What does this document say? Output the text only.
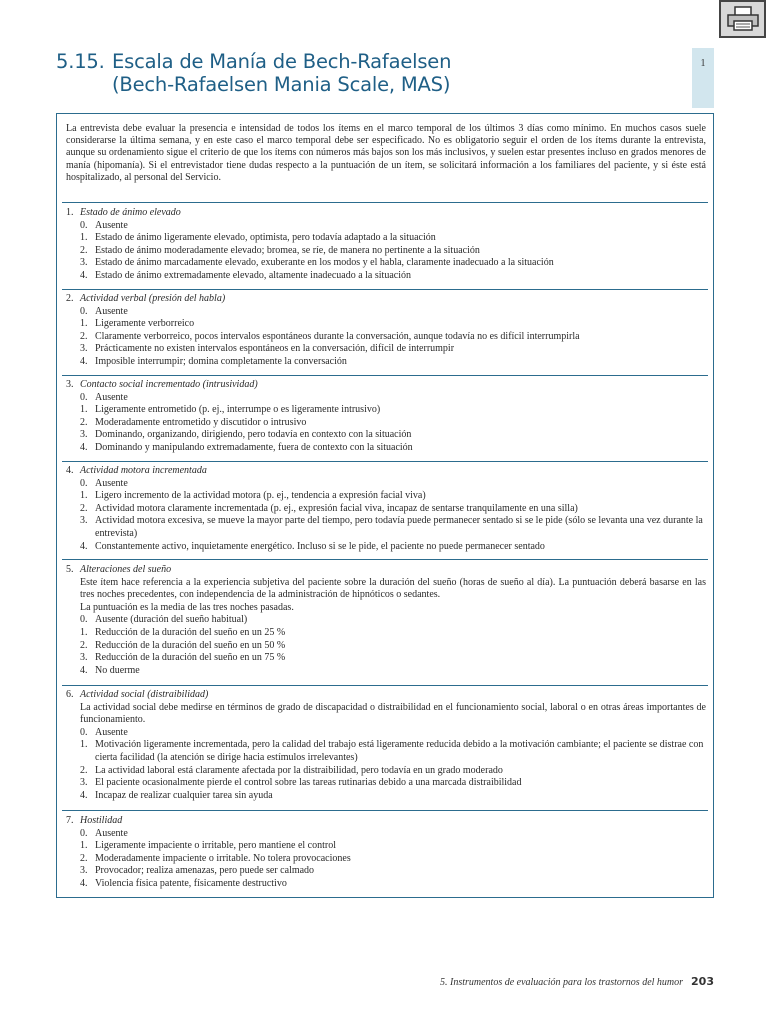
5.15. Escala de Manía de Bech-Rafaelsen
(Bech-Rafaelsen Mania Scale, MAS)
1

La entrevista debe evaluar la presencia e intensidad de todos los ítems en el marco temporal de los últimos 3 días como mínimo. En muchos casos suele considerarse la última semana, y en este caso el marco temporal debe ser especificado. No es obligatorio seguir el orden de los ítems durante la entrevista, aunque su ordenamiento sigue el criterio de que los ítems con números más bajos son los más inclusivos, y suelen estar presentes incluso en grados menores de manía (hipomanía). Si el entrevistador tiene dudas respecto a la puntuación de un ítem, se solicitará información a los familiares del paciente, y si éste está hospitalizado, al personal del Servicio.

1. Estado de ánimo elevado
0. Ausente
1. Estado de ánimo ligeramente elevado, optimista, pero todavía adaptado a la situación
2. Estado de ánimo moderadamente elevado; bromea, se ríe, de manera no pertinente a la situación
3. Estado de ánimo marcadamente elevado, exuberante en los modos y el habla, claramente inadecuado a la situación
4. Estado de ánimo extremadamente elevado, altamente inadecuado a la situación
2. Actividad verbal (presión del habla)
0. Ausente
1. Ligeramente verborreico
2. Claramente verborreico, pocos intervalos espontáneos durante la conversación, aunque todavía no es difícil interrumpirla
3. Prácticamente no existen intervalos espontáneos en la conversación, difícil de interrumpir
4. Imposible interrumpir; domina completamente la conversación
3. Contacto social incrementado (intrusividad)
0. Ausente
1. Ligeramente entrometido (p. ej., interrumpe o es ligeramente intrusivo)
2. Moderadamente entrometido y discutidor o intrusivo
3. Dominando, organizando, dirigiendo, pero todavía en contexto con la situación
4. Dominando y manipulando extremadamente, fuera de contexto con la situación
4. Actividad motora incrementada
0. Ausente
1. Ligero incremento de la actividad motora (p. ej., tendencia a expresión facial viva)
2. Actividad motora claramente incrementada (p. ej., expresión facial viva, incapaz de sentarse tranquilamente en una silla)
3. Actividad motora excesiva, se mueve la mayor parte del tiempo, pero todavía puede permanecer sentado si se le pide (sólo se levanta una vez durante la entrevista)
4. Constantemente activo, inquietamente energético. Incluso si se le pide, el paciente no puede permanecer sentado
5. Alteraciones del sueño
Este ítem hace referencia a la experiencia subjetiva del paciente sobre la duración del sueño (horas de sueño al día). La puntuación deberá basarse en las tres noches precedentes, con independencia de la administración de hipnóticos o sedantes.
La puntuación es la media de las tres noches pasadas.
0. Ausente (duración del sueño habitual)
1. Reducción de la duración del sueño en un 25 %
2. Reducción de la duración del sueño en un 50 %
3. Reducción de la duración del sueño en un 75 %
4. No duerme
6. Actividad social (distraibilidad)
La actividad social debe medirse en términos de grado de discapacidad o distraibilidad en el funcionamiento social, laboral o en otras áreas importantes de funcionamiento.
0. Ausente
1. Motivación ligeramente incrementada, pero la calidad del trabajo está ligeramente reducida debido a la motivación cambiante; el paciente se distrae con cierta facilidad (la atención se dirige hacia estímulos irrelevantes)
2. La actividad laboral está claramente afectada por la distraibilidad, pero todavía en un grado moderado
3. El paciente ocasionalmente pierde el control sobre las tareas rutinarias debido a una marcada distraibilidad
4. Incapaz de realizar cualquier tarea sin ayuda
7. Hostilidad
0. Ausente
1. Ligeramente impaciente o irritable, pero mantiene el control
2. Moderadamente impaciente o irritable. No tolera provocaciones
3. Provocador; realiza amenazas, pero puede ser calmado
4. Violencia física patente, físicamente destructivo
5. Instrumentos de evaluación para los trastornos del humor 203
